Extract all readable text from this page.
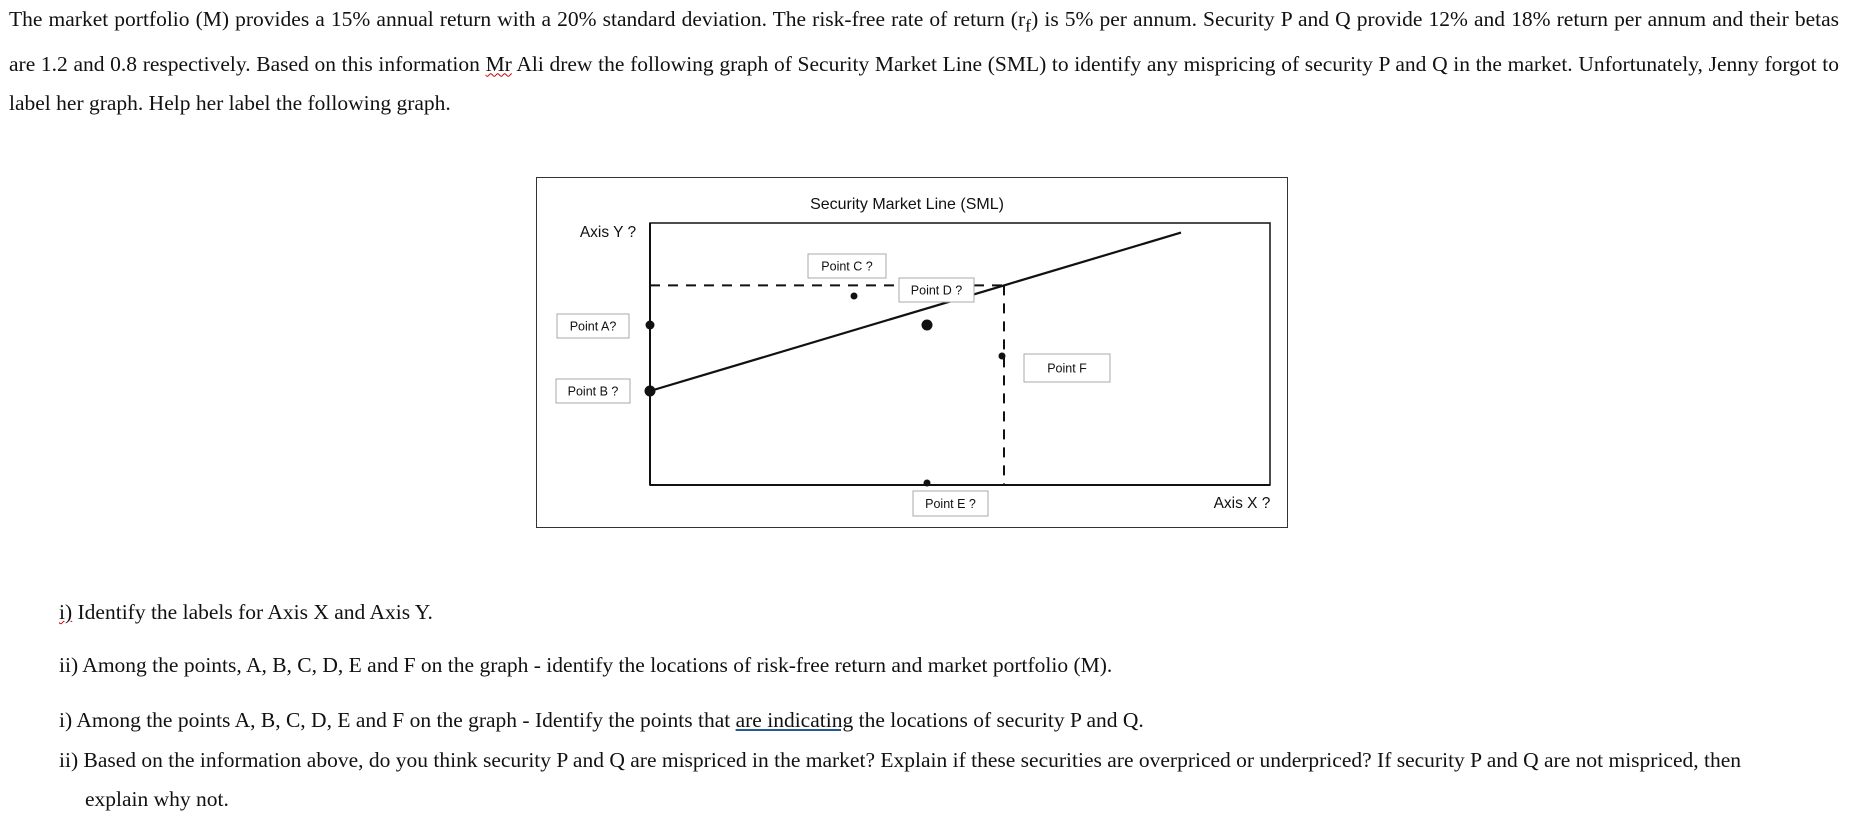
The market portfolio (M) provides a 15% annual return with a 20% standard deviation. The risk-free rate of return $(r_f)$ is 5% per annum. Security P and Q provide 12% and 18% return per annum and their betas are 1.2 and 0.8 respectively. Based on this information Mr Ali drew the following graph of Security Market Line (SML) to identify any mispricing of security P and Q in the market. Unfortunately, Jenny forgot to label her graph. Help her label the following graph.

Security Market Line (SML)
Axis Y ?
Axis X ?
Point A?
Point B ?
Point C ?
Point D ?
Point E ?
Point F

i) Identify the labels for Axis X and Axis Y.

ii) Among the points, A, B, C, D, E and F on the graph - identify the locations of risk-free return and market portfolio (M).

i) Among the points A, B, C, D, E and F on the graph - Identify the points that are indicating the locations of security P and Q.

ii) Based on the information above, do you think security P and Q are mispriced in the market? Explain if these securities are overpriced or underpriced? If security P and Q are not mispriced, then

explain why not.
